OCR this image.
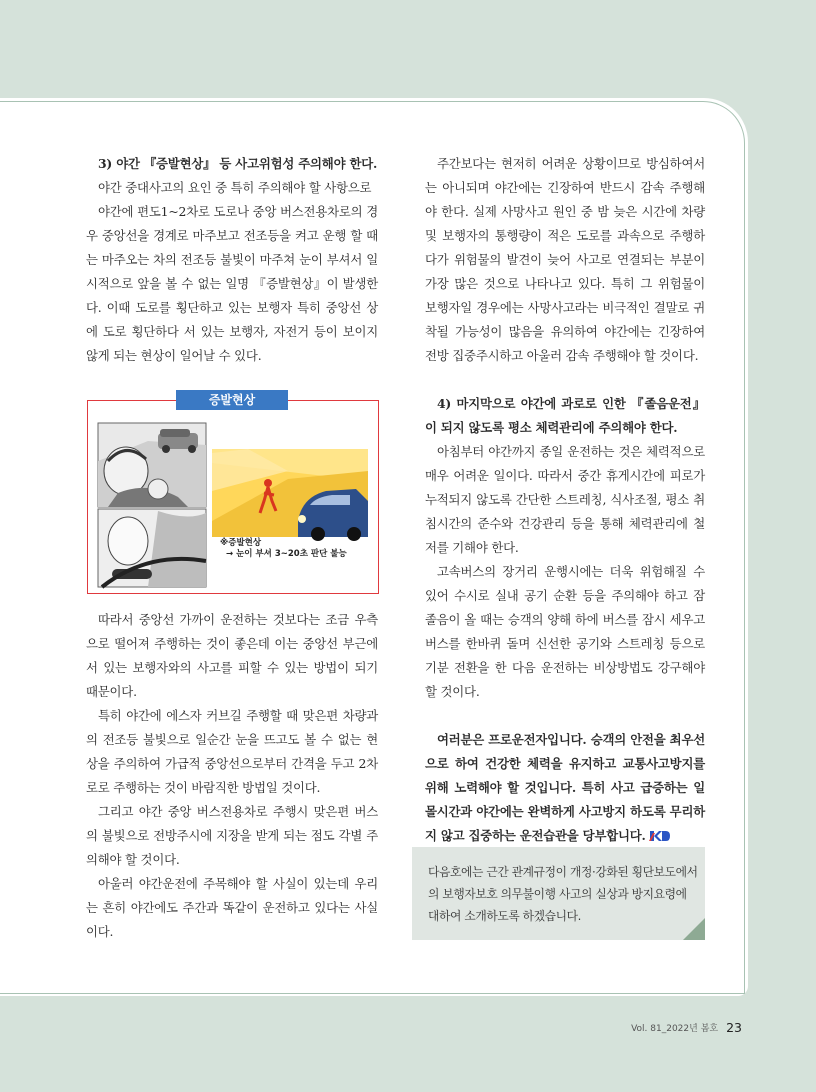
3) 야간 『증발현상』 등 사고위험성 주의해야 한다.

야간 중대사고의 요인 중 특히 주의해야 할 사항으로

야간에 편도1~2차로 도로나 중앙 버스전용차로의 경우 중앙선을 경계로 마주보고 전조등을 켜고 운행 할 때는 마주오는 차의 전조등 불빛이 마주쳐 눈이 부셔서 일시적으로 앞을 볼 수 없는 일명 『증발현상』이 발생한다. 이때 도로를 횡단하고 있는 보행자 특히 중앙선 상에 도로 횡단하다 서 있는 보행자, 자전거 등이 보이지 않게 되는 현상이 일어날 수 있다.

증발현상
※증발현상
→ 눈이 부셔 3~20초 판단 불능

따라서 중앙선 가까이 운전하는 것보다는 조금 우측으로 떨어져 주행하는 것이 좋은데 이는 중앙선 부근에 서 있는 보행자와의 사고를 피할 수 있는 방법이 되기 때문이다.

특히 야간에 에스자 커브길 주행할 때 맞은편 차량과의 전조등 불빛으로 일순간 눈을 뜨고도 볼 수 없는 현상을 주의하여 가급적 중앙선으로부터 간격을 두고 2차로로 주행하는 것이 바람직한 방법일 것이다.

그리고 야간 중앙 버스전용차로 주행시 맞은편 버스의 불빛으로 전방주시에 지장을 받게 되는 점도 각별 주의해야 할 것이다.

아울러 야간운전에 주목해야 할 사실이 있는데 우리는 흔히 야간에도 주간과 똑같이 운전하고 있다는 사실이다.

주간보다는 현저히 어려운 상황이므로 방심하여서는 아니되며 야간에는 긴장하여 반드시 감속 주행해야 한다. 실제 사망사고 원인 중 밤 늦은 시간에 차량 및 보행자의 통행량이 적은 도로를 과속으로 주행하다가 위험물의 발견이 늦어 사고로 연결되는 부분이 가장 많은 것으로 나타나고 있다. 특히 그 위험물이 보행자일 경우에는 사망사고라는 비극적인 결말로 귀착될 가능성이 많음을 유의하여 야간에는 긴장하여 전방 집중주시하고 아울러 감속 주행해야 할 것이다.

4) 마지막으로 야간에 과로로 인한 『졸음운전』이 되지 않도록 평소 체력관리에 주의해야 한다.

아침부터 야간까지 종일 운전하는 것은 체력적으로 매우 어려운 일이다. 따라서 중간 휴게시간에 피로가 누적되지 않도록 간단한 스트레칭, 식사조절, 평소 취침시간의 준수와 건강관리 등을 통해 체력관리에 철저를 기해야 한다.

고속버스의 장거리 운행시에는 더욱 위험해질 수 있어 수시로 실내 공기 순환 등을 주의해야 하고 잠 졸음이 올 때는 승객의 양해 하에 버스를 잠시 세우고 버스를 한바퀴 돌며 신선한 공기와 스트레칭 등으로 기분 전환을 한 다음 운전하는 비상방법도 강구해야 할 것이다.

여러분은 프로운전자입니다. 승객의 안전을 최우선으로 하여 건강한 체력을 유지하고 교통사고방지를 위해 노력해야 할 것입니다. 특히 사고 급증하는 일몰시간과 야간에는 완벽하게 사고방지 하도록 무리하지 않고 집중하는 운전습관을 당부합니다.

다음호에는 근간 관계규정이 개정·강화된 횡단보도에서의 보행자보호 의무불이행 사고의 실상과 방지요령에 대하여 소개하도록 하겠습니다.
Vol. 81_2022년 봄호 23
